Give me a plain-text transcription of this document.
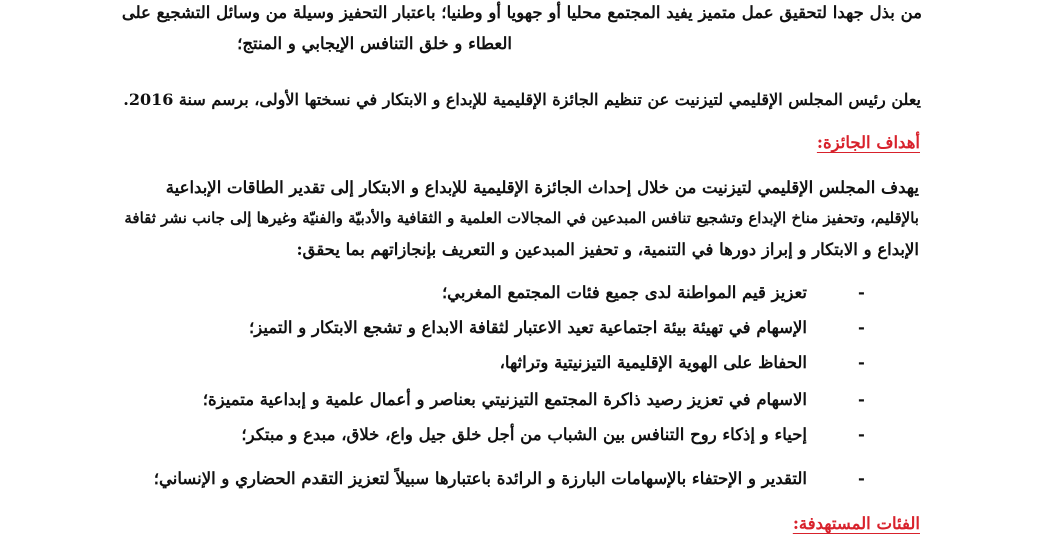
من بذل جهدا لتحقيق عمل متميز يفيد المجتمع محليا أو جهويا أو وطنيا؛ باعتبار التحفيز وسيلة من وسائل التشجيع على
العطاء و خلق التنافس الإيجابي و المنتج؛
يعلن رئيس المجلس الإقليمي لتيزنيت عن تنظيم الجائزة الإقليمية للإبداع و الابتكار في نسختها الأولى، برسم سنة 2016.
أهداف الجائزة:
يهدف المجلس الإقليمي لتيزنيت من خلال إحداث الجائزة الإقليمية للإبداع و الابتكار إلى تقدير الطاقات الإبداعية
بالإقليم، وتحفيز مناخ الإبداع وتشجيع تنافس المبدعين في المجالات العلمية و الثقافية والأدبيّة والفنيّة وغيرها إلى جانب نشر ثقافة
الإبداع و الابتكار و إبراز دورها في التنمية، و تحفيز المبدعين و التعريف بإنجازاتهم بما يحقق:
-
تعزيز قيم المواطنة لدى جميع فئات المجتمع المغربي؛
-
الإسهام في تهيئة بيئة اجتماعية تعيد الاعتبار لثقافة الابداع و تشجع الابتكار و التميز؛
-
الحفاظ على الهوية الإقليمية التيزنيتية وتراثها،
-
الاسهام في تعزيز رصيد ذاكرة المجتمع التيزنيتي بعناصر و أعمال علمية و إبداعية متميزة؛
-
إحياء و إذكاء روح التنافس بين الشباب من أجل خلق جيل واع، خلاق، مبدع و مبتكر؛
-
التقدير و الإحتفاء بالإسهامات البارزة و الرائدة باعتبارها سبيلاً لتعزيز التقدم الحضاري و الإنساني؛
الفئات المستهدفة:
